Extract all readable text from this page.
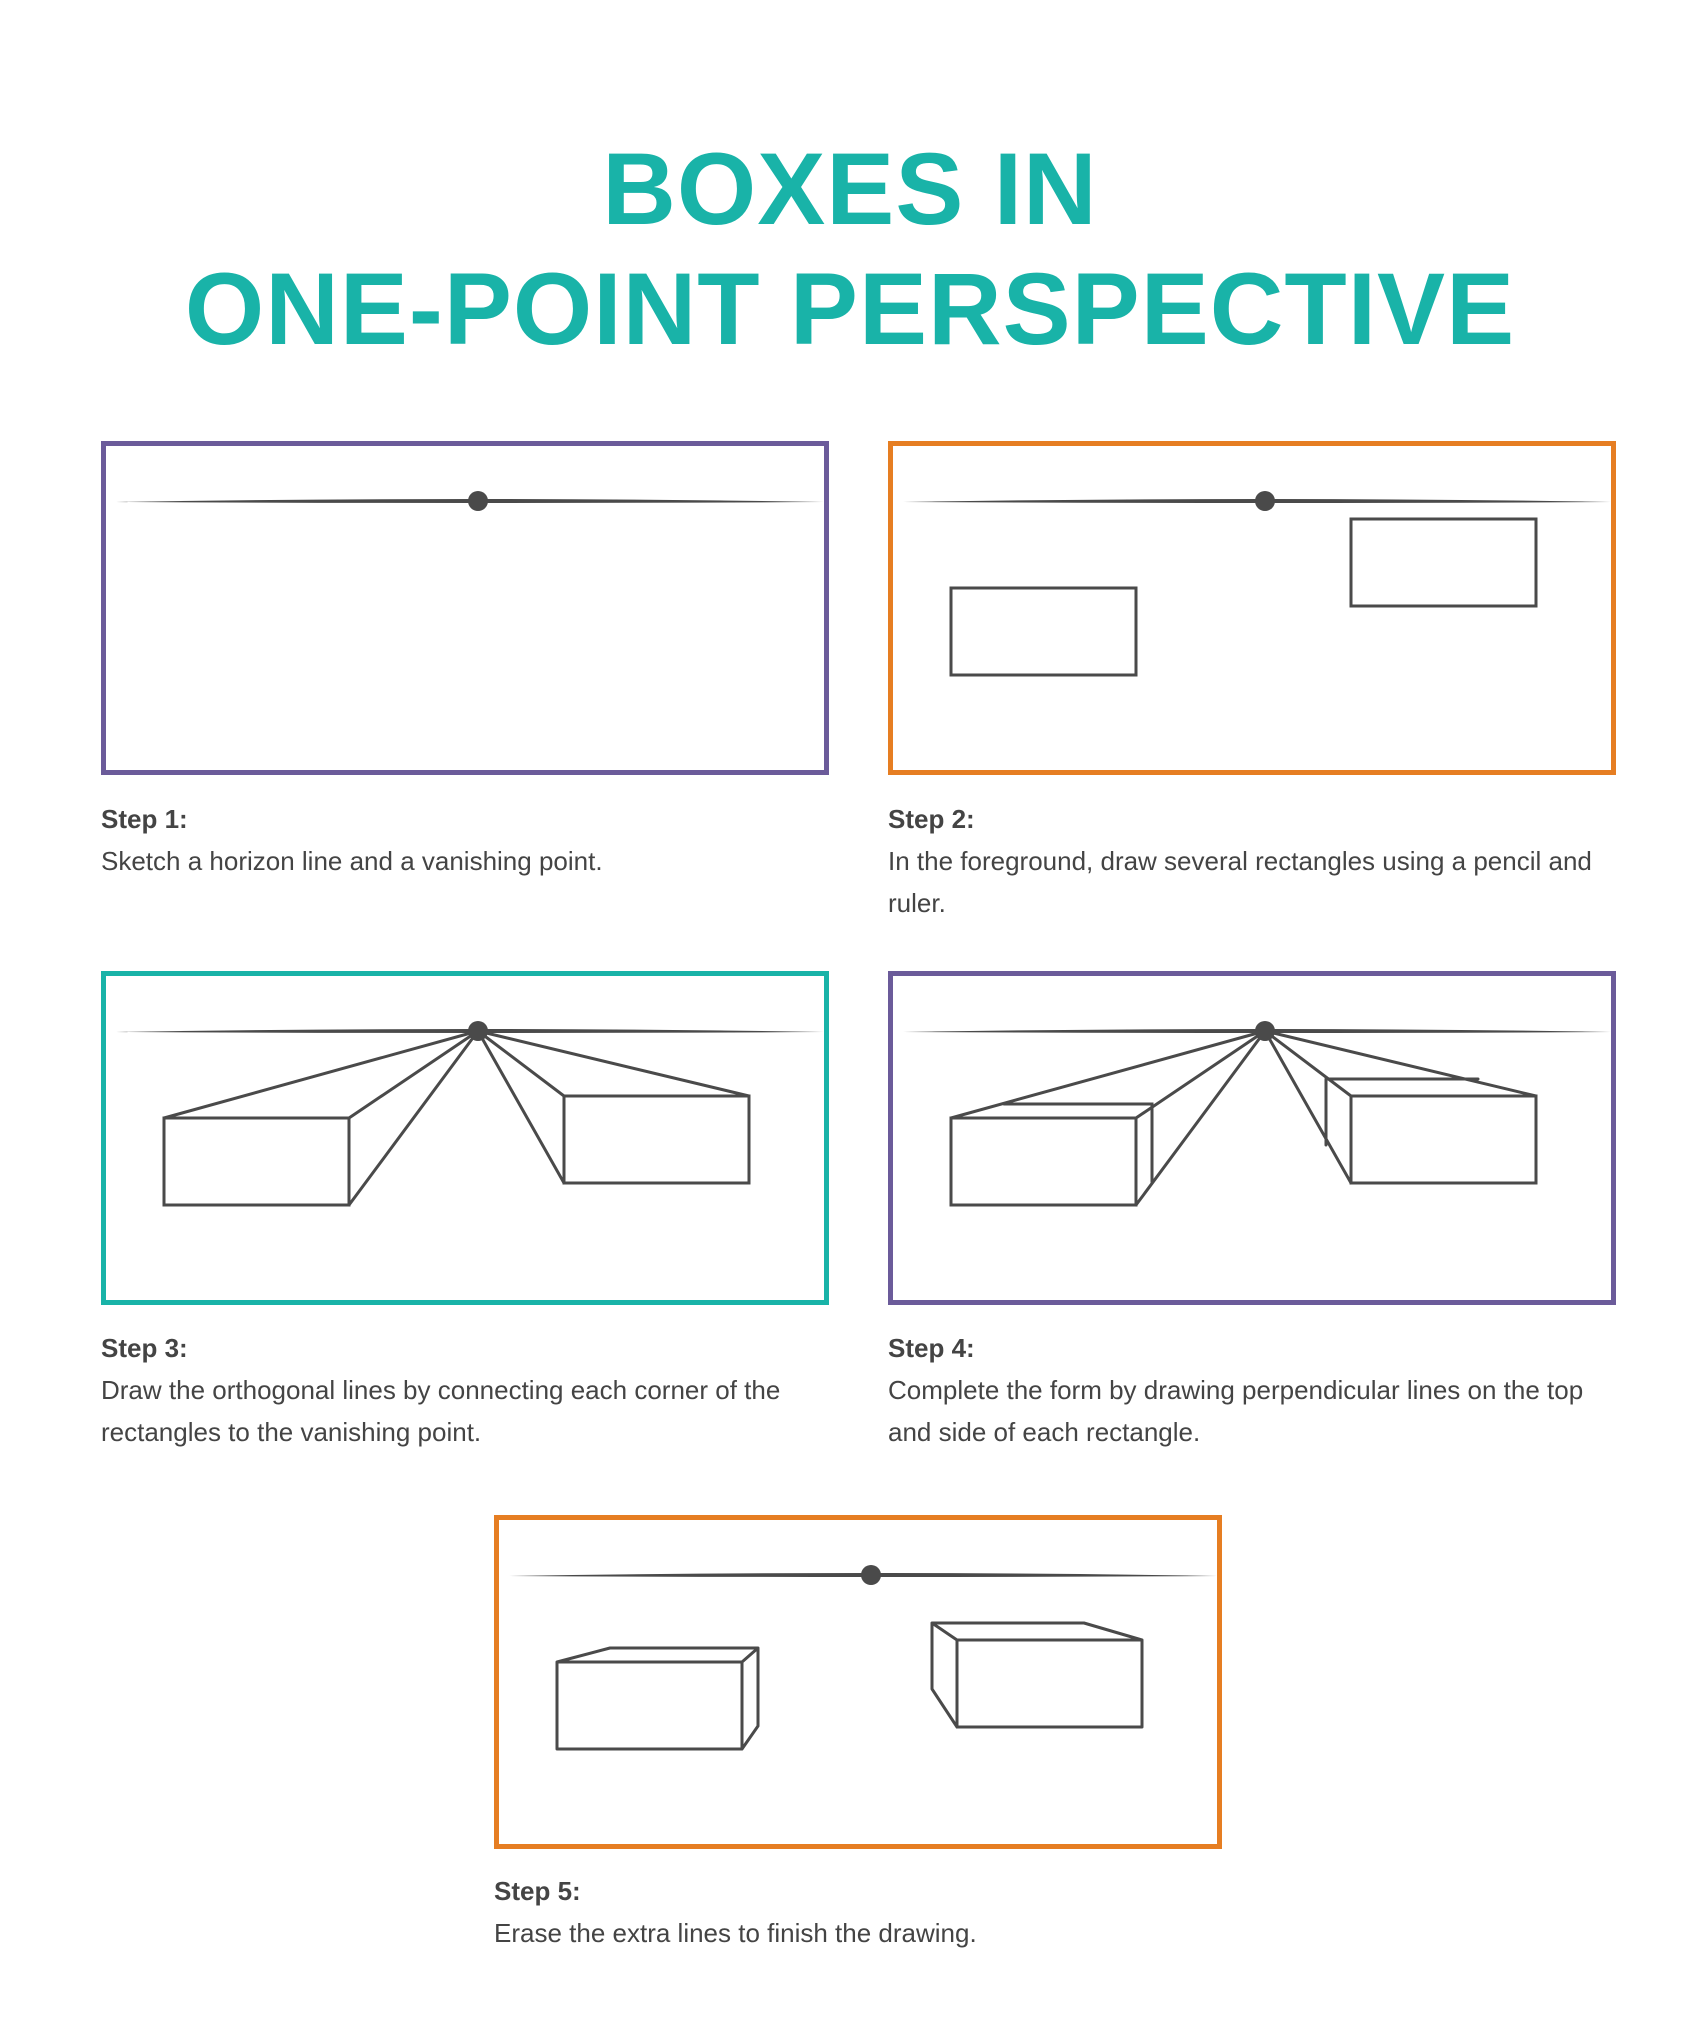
BOXES IN
ONE-POINT PERSPECTIVE
Step 1:
Sketch a horizon line and a vanishing point.
Step 2:
In the foreground, draw several rectangles using a pencil and ruler.
Step 3:
Draw the orthogonal lines by connecting each corner of the rectangles to the vanishing point.
Step 4:
Complete the form by drawing perpendicular lines on the top and side of each rectangle.
Step 5:
Erase the extra lines to finish the drawing.
